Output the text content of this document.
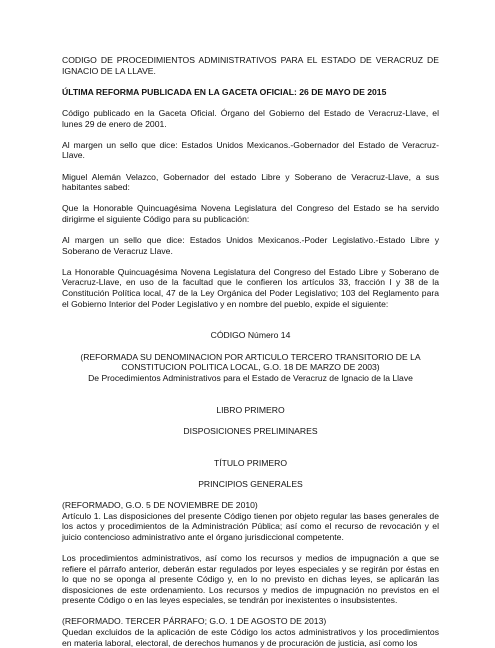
CODIGO DE PROCEDIMIENTOS ADMINISTRATIVOS PARA EL ESTADO DE VERACRUZ DE IGNACIO DE LA LLAVE.

ÚLTIMA REFORMA PUBLICADA EN LA GACETA OFICIAL: 26 DE MAYO DE 2015

Código publicado en la Gaceta Oficial. Órgano del Gobierno del Estado de Veracruz-Llave, el lunes 29 de enero de 2001.

Al margen un sello que dice: Estados Unidos Mexicanos.-Gobernador del Estado de Veracruz-Llave.

Miguel Alemán Velazco, Gobernador del estado Libre y Soberano de Veracruz-Llave, a sus habitantes sabed:

Que la Honorable Quincuagésima Novena Legislatura del Congreso del Estado se ha servido dirigirme el siguiente Código para su publicación:

Al margen un sello que dice: Estados Unidos Mexicanos.-Poder Legislativo.-Estado Libre y Soberano de Veracruz Llave.

La Honorable Quincuagésima Novena Legislatura del Congreso del Estado Libre y Soberano de Veracruz-Llave, en uso de la facultad que le confieren los artículos 33, fracción I y 38 de la Constitución Política local, 47 de la Ley Orgánica del Poder Legislativo; 103 del Reglamento para el Gobierno Interior del Poder Legislativo y en nombre del pueblo, expide el siguiente:

CÓDIGO Número 14

(REFORMADA SU DENOMINACION POR ARTICULO TERCERO TRANSITORIO DE LA CONSTITUCION POLITICA LOCAL, G.O. 18 DE MARZO DE 2003)

De Procedimientos Administrativos para el Estado de Veracruz de Ignacio de la Llave

LIBRO PRIMERO

DISPOSICIONES PRELIMINARES

TÍTULO PRIMERO

PRINCIPIOS GENERALES

(REFORMADO, G.O. 5 DE NOVIEMBRE DE 2010)

Artículo 1. Las disposiciones del presente Código tienen por objeto regular las bases generales de los actos y procedimientos de la Administración Pública; así como el recurso de revocación y el juicio contencioso administrativo ante el órgano jurisdiccional competente.

Los procedimientos administrativos, así como los recursos y medios de impugnación a que se refiere el párrafo anterior, deberán estar regulados por leyes especiales y se regirán por éstas en lo que no se oponga al presente Código y, en lo no previsto en dichas leyes, se aplicarán las disposiciones de este ordenamiento. Los recursos y medios de impugnación no previstos en el presente Código o en las leyes especiales, se tendrán por inexistentes o insubsistentes.

(REFORMADO. TERCER PÁRRAFO; G.O. 1 DE AGOSTO DE 2013)

Quedan excluidos de la aplicación de este Código los actos administrativos y los procedimientos en materia laboral, electoral, de derechos humanos y de procuración de justicia, así como los
